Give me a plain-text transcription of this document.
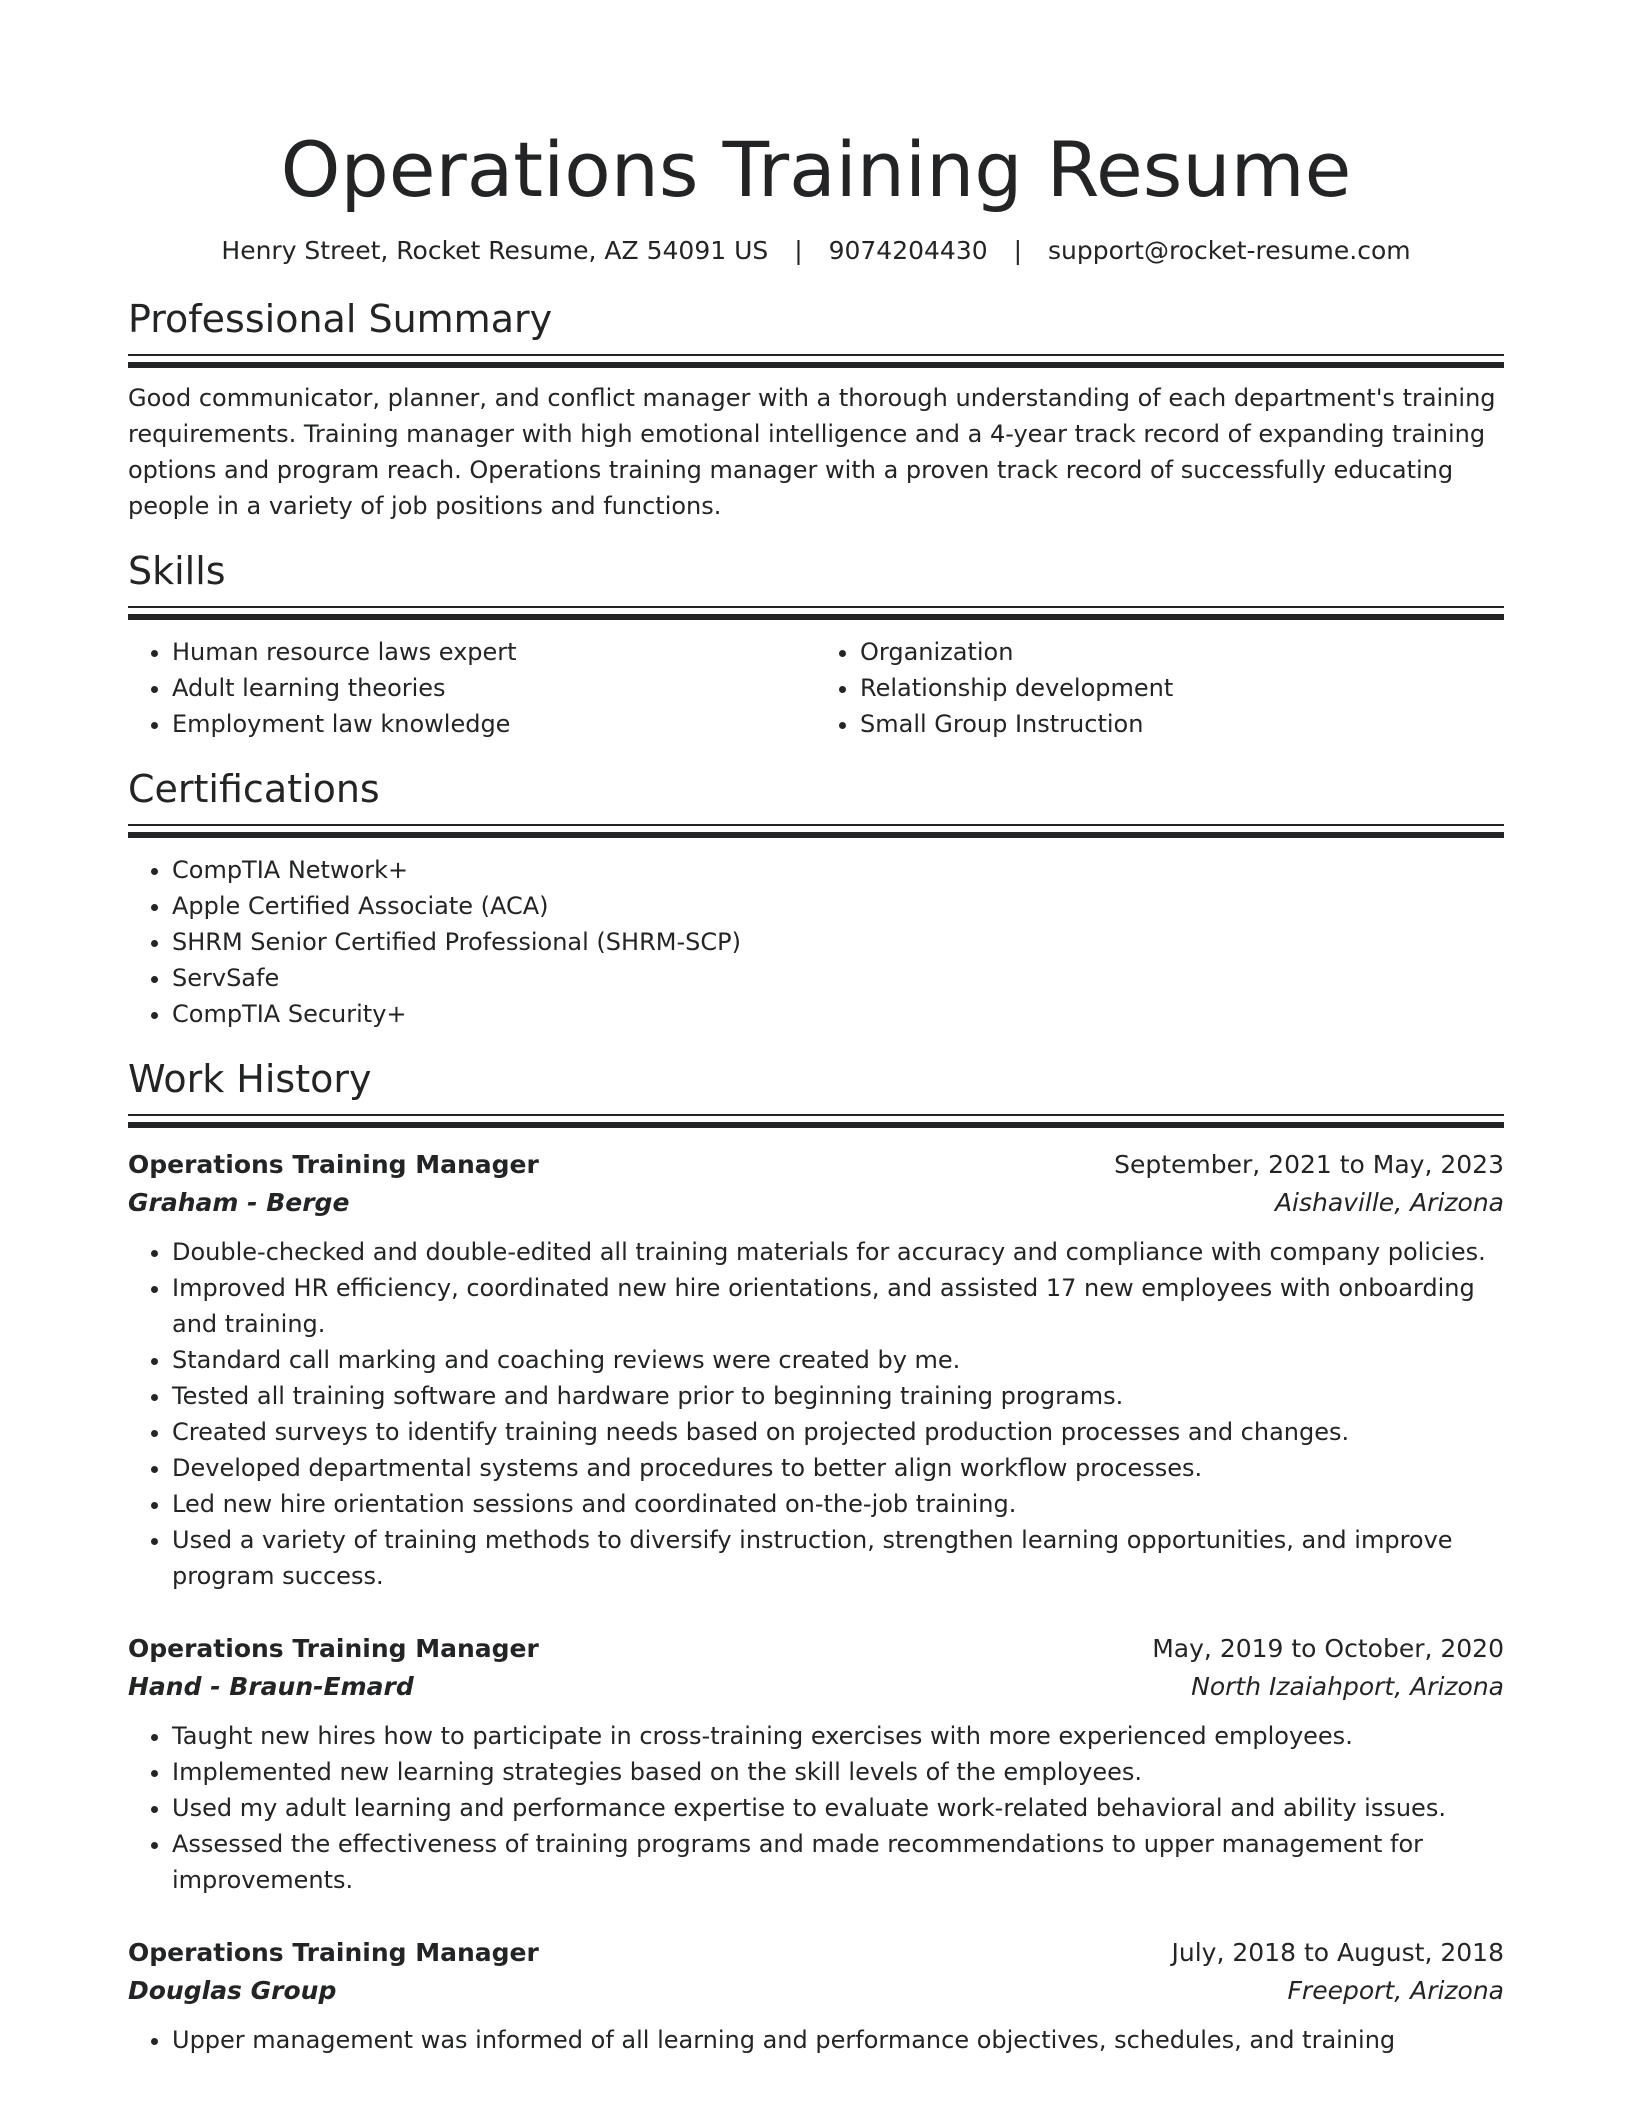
Operations Training Resume
Henry Street, Rocket Resume, AZ 54091 US | 9074204430 | support@rocket-resume.com
Professional Summary

Good communicator, planner, and conflict manager with a thorough understanding of each department's training requirements. Training manager with high emotional intelligence and a 4-year track record of expanding training options and program reach. Operations training manager with a proven track record of successfully educating people in a variety of job positions and functions.

Skills
• Human resource laws expert
• Adult learning theories
• Employment law knowledge
• Organization
• Relationship development
• Small Group Instruction
Certifications
• CompTIA Network+
• Apple Certified Associate (ACA)
• SHRM Senior Certified Professional (SHRM-SCP)
• ServSafe
• CompTIA Security+
Work History
Operations Training Manager	September, 2021 to May, 2023
Graham - Berge	Aishaville, Arizona
• Double-checked and double-edited all training materials for accuracy and compliance with company policies.
• Improved HR efficiency, coordinated new hire orientations, and assisted 17 new employees with onboarding and training.
• Standard call marking and coaching reviews were created by me.
• Tested all training software and hardware prior to beginning training programs.
• Created surveys to identify training needs based on projected production processes and changes.
• Developed departmental systems and procedures to better align workflow processes.
• Led new hire orientation sessions and coordinated on-the-job training.
• Used a variety of training methods to diversify instruction, strengthen learning opportunities, and improve program success.
Operations Training Manager	May, 2019 to October, 2020
Hand - Braun-Emard	North Izaiahport, Arizona
• Taught new hires how to participate in cross-training exercises with more experienced employees.
• Implemented new learning strategies based on the skill levels of the employees.
• Used my adult learning and performance expertise to evaluate work-related behavioral and ability issues.
• Assessed the effectiveness of training programs and made recommendations to upper management for improvements.
Operations Training Manager	July, 2018 to August, 2018
Douglas Group	Freeport, Arizona
• Upper management was informed of all learning and performance objectives, schedules, and training
